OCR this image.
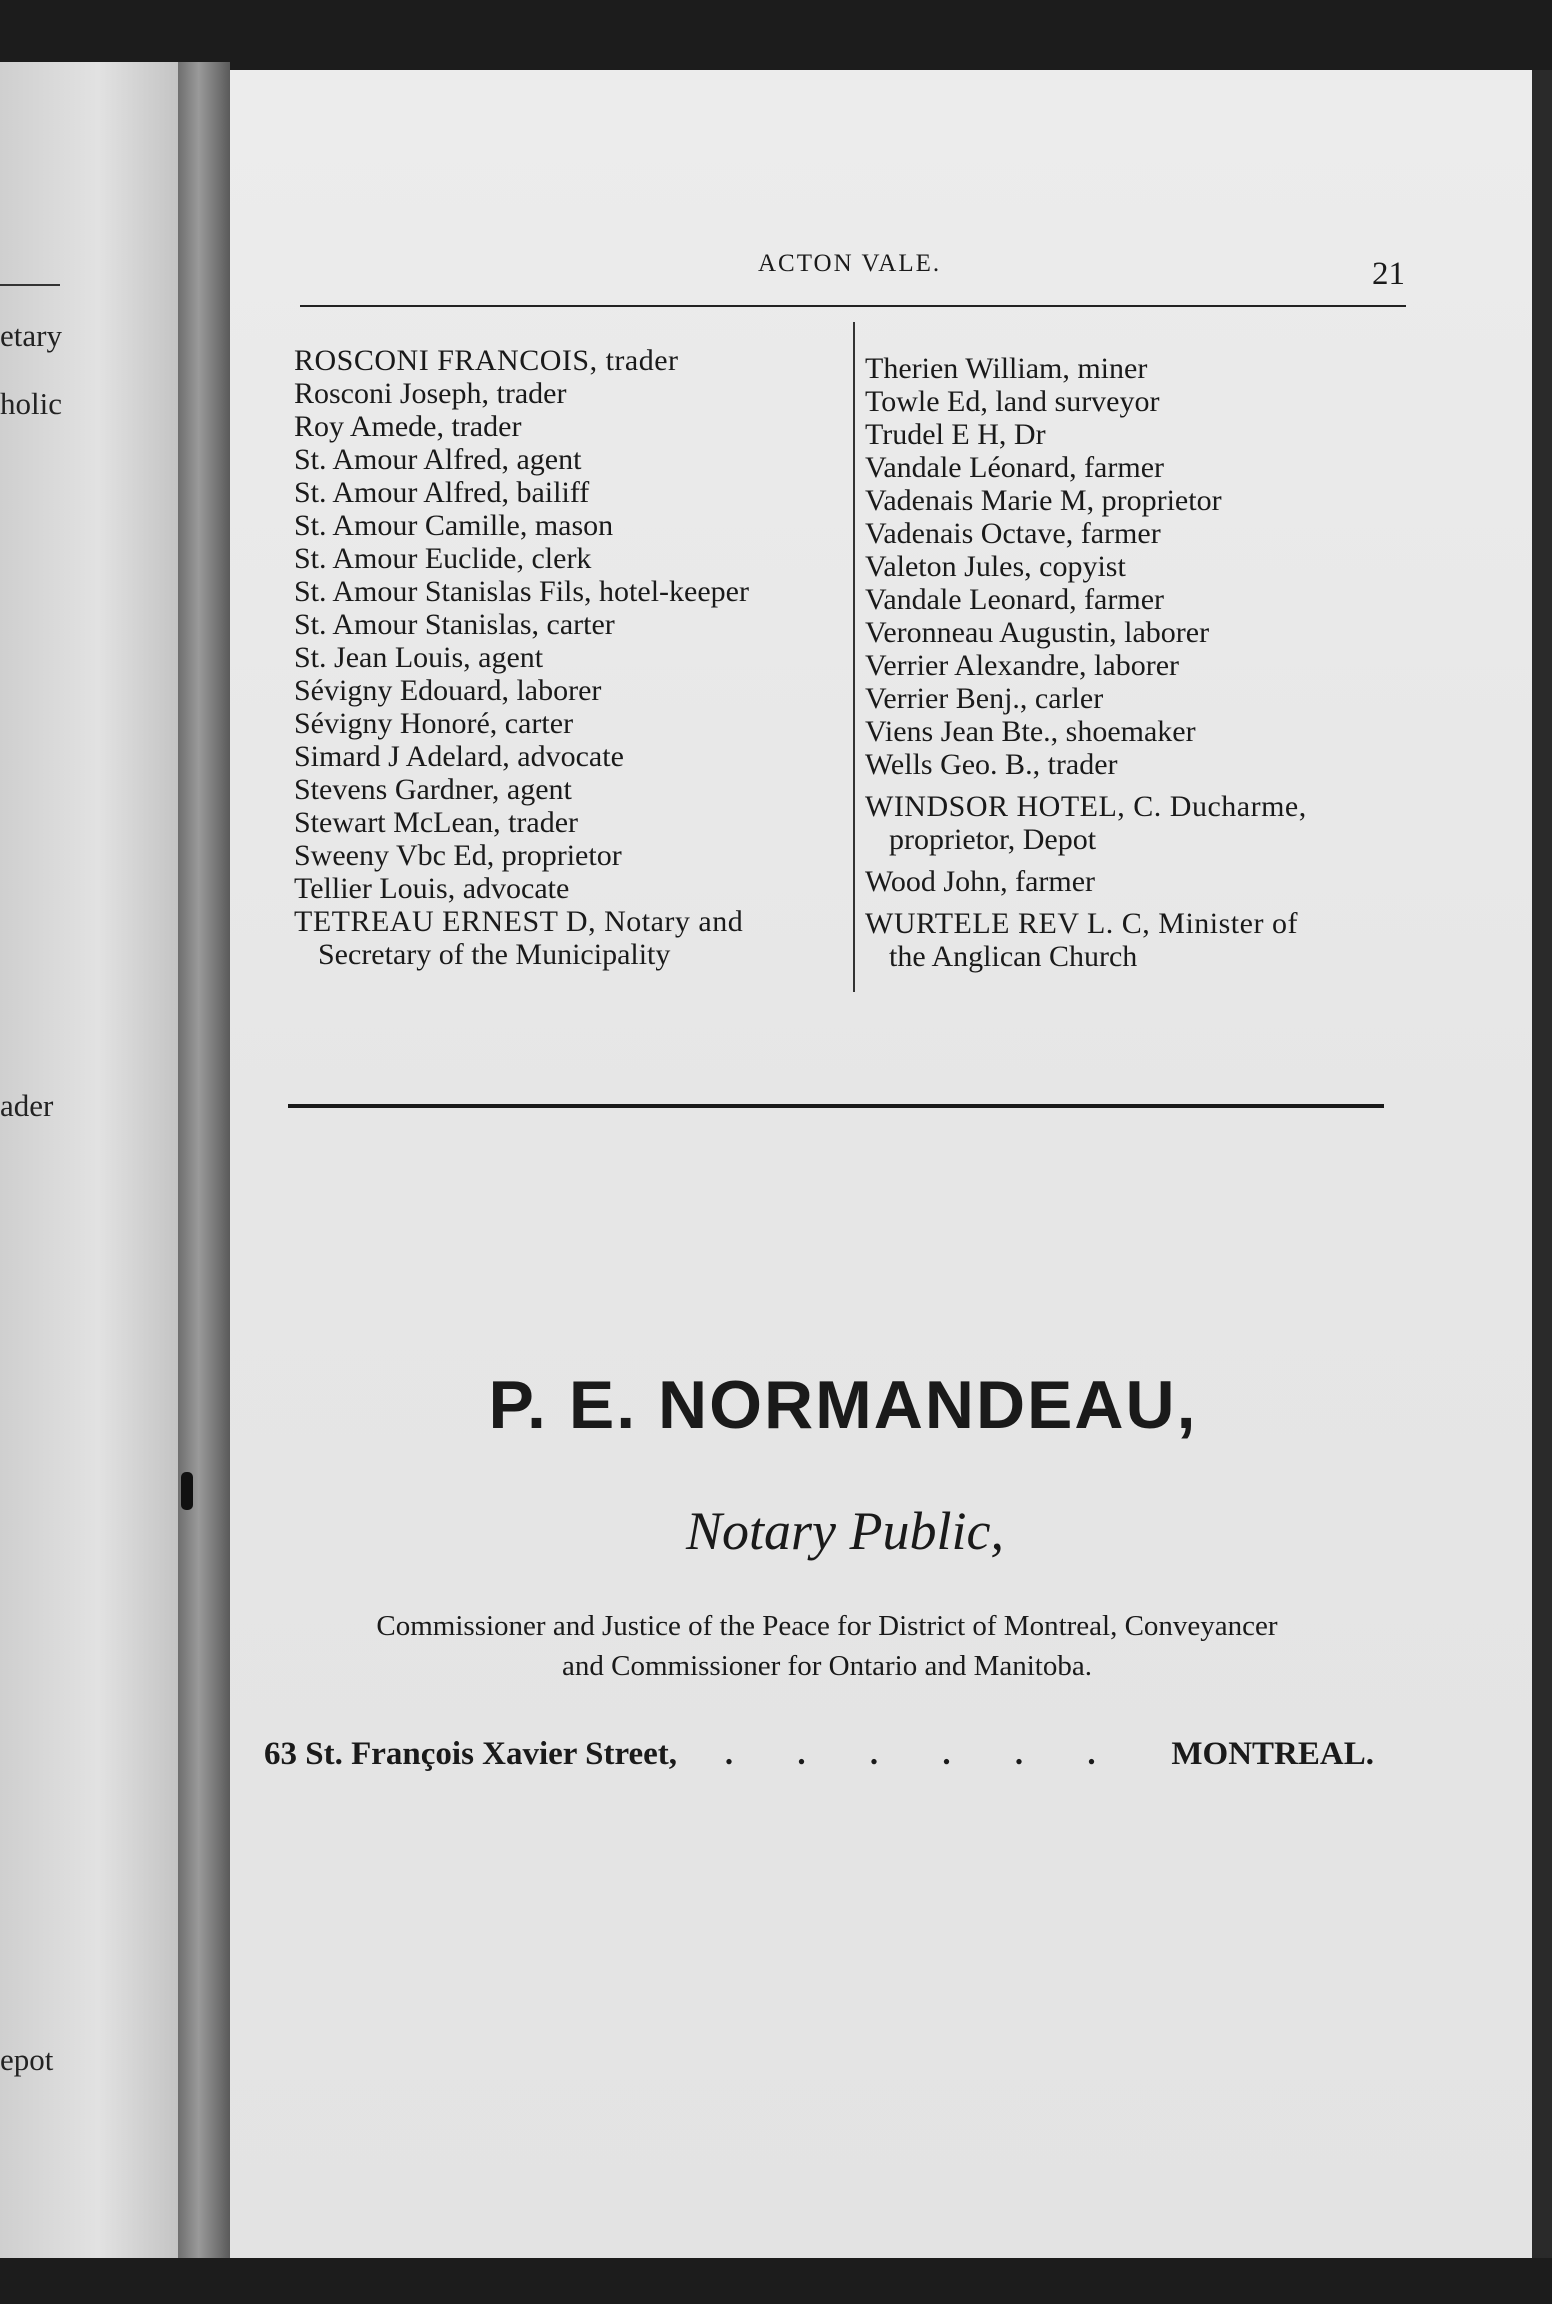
etary
holic
ader
epot
ACTON VALE.	21
ROSCONI FRANCOIS, trader
Rosconi Joseph, trader
Roy Amede, trader
St. Amour Alfred, agent
St. Amour Alfred, bailiff
St. Amour Camille, mason
St. Amour Euclide, clerk
St. Amour Stanislas Fils, hotel-keeper
St. Amour Stanislas, carter
St. Jean Louis, agent
Sévigny Edouard, laborer
Sévigny Honoré, carter
Simard J Adelard, advocate
Stevens Gardner, agent
Stewart McLean, trader
Sweeny Vbc Ed, proprietor
Tellier Louis, advocate
TETREAU ERNEST D, Notary and
Secretary of the Municipality
Therien William, miner
Towle Ed, land surveyor
Trudel E H, Dr
Vandale Léonard, farmer
Vadenais Marie M, proprietor
Vadenais Octave, farmer
Valeton Jules, copyist
Vandale Leonard, farmer
Veronneau Augustin, laborer
Verrier Alexandre, laborer
Verrier Benj., carler
Viens Jean Bte., shoemaker
Wells Geo. B., trader
WINDSOR HOTEL, C. Ducharme,
proprietor, Depot
Wood John, farmer
WURTELE REV L. C, Minister of
the Anglican Church
P. E. NORMANDEAU,
Notary Public,
Commissioner and Justice of the Peace for District of Montreal, Conveyancer
and Commissioner for Ontario and Manitoba.
63 St. François Xavier Street, . . . . . . MONTREAL.
